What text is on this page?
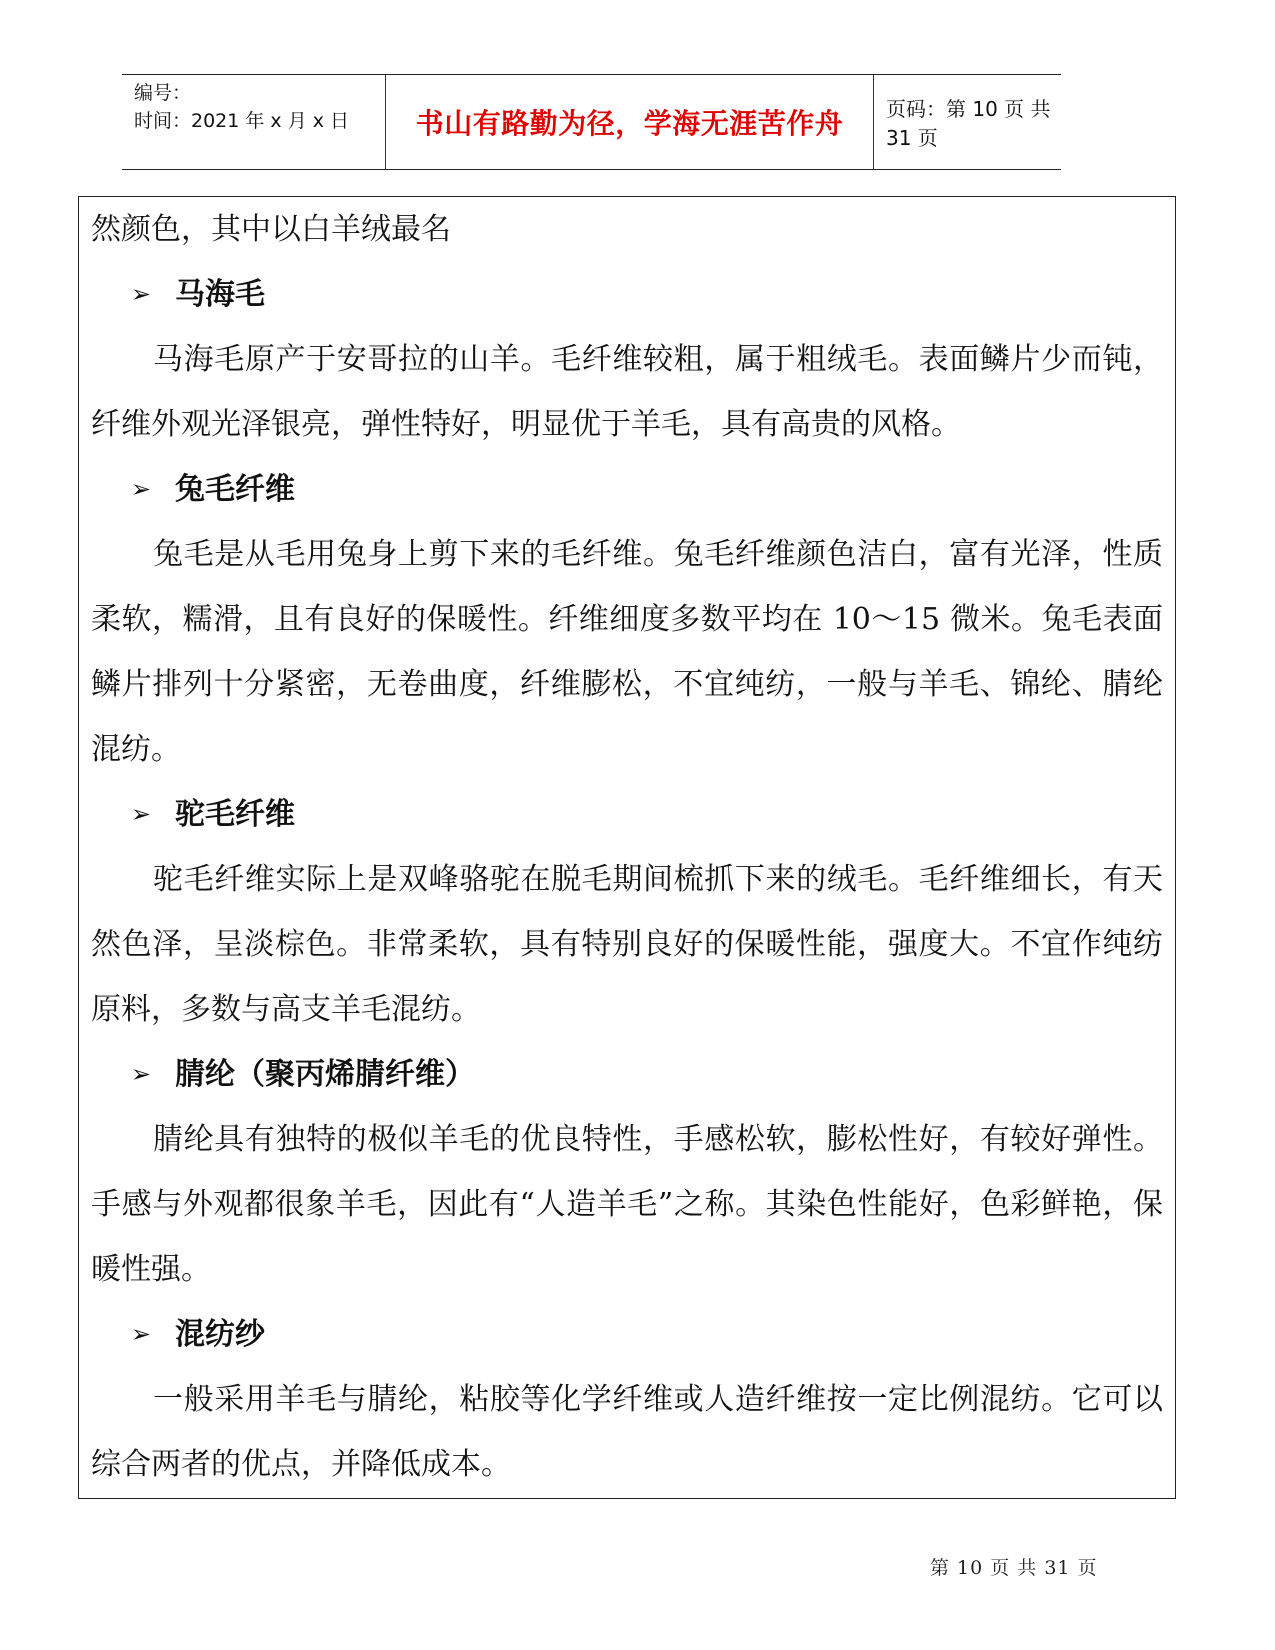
编号：
时间：2021 年 x 月 x 日	书山有路勤为径，学海无涯苦作舟	页码：第 10 页 共 31 页
然颜色，其中以白羊绒最名
➢ 马海毛
马海毛原产于安哥拉的山羊。毛纤维较粗，属于粗绒毛。表面鳞片少而钝，纤维外观光泽银亮，弹性特好，明显优于羊毛，具有高贵的风格。
➢ 兔毛纤维
兔毛是从毛用兔身上剪下来的毛纤维。兔毛纤维颜色洁白，富有光泽，性质柔软，糯滑，且有良好的保暖性。纤维细度多数平均在 10～15 微米。兔毛表面鳞片排列十分紧密，无卷曲度，纤维膨松，不宜纯纺，一般与羊毛、锦纶、腈纶混纺。
➢ 驼毛纤维
驼毛纤维实际上是双峰骆驼在脱毛期间梳抓下来的绒毛。毛纤维细长，有天然色泽，呈淡棕色。非常柔软，具有特别良好的保暖性能，强度大。不宜作纯纺原料，多数与高支羊毛混纺。
➢ 腈纶（聚丙烯腈纤维）
腈纶具有独特的极似羊毛的优良特性，手感松软，膨松性好，有较好弹性。手感与外观都很象羊毛，因此有“人造羊毛”之称。其染色性能好，色彩鲜艳，保暖性强。
➢ 混纺纱
一般采用羊毛与腈纶，粘胶等化学纤维或人造纤维按一定比例混纺。它可以综合两者的优点，并降低成本。
第 10 页 共 31 页
